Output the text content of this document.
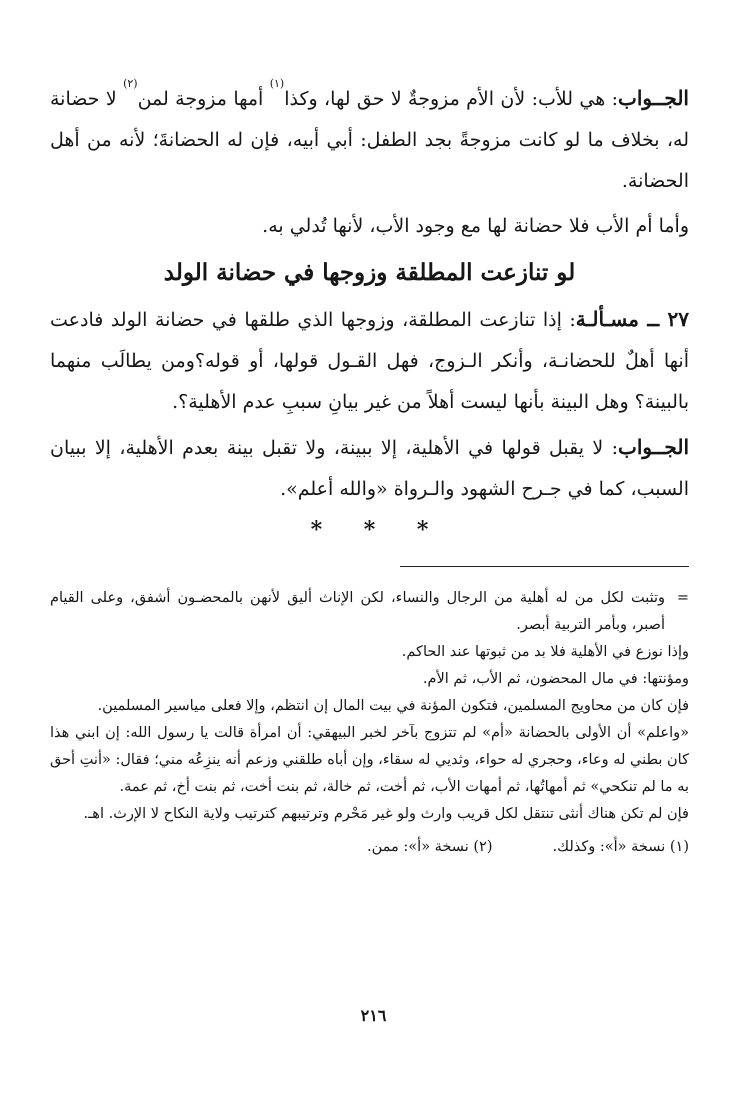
الجــواب: هي للأب: لأن الأم مزوجةٌ لا حق لها، وكذا$^{(١)}$ أمها مزوجة لمن$^{(٢)}$ لا حضانة له، بخلاف ما لو كانت مزوجةً بجد الطفل: أبي أبيه، فإن له الحضانةَ؛ لأنه من أهل الحضانة.

وأما أم الأب فلا حضانة لها مع وجود الأب، لأنها تُدلي به.

لو تنازعت المطلقة وزوجها في حضانة الولد

٢٧ ــ مسـألـة: إذا تنازعت المطلقة، وزوجها الذي طلقها في حضانة الولد فادعت أنها أهلٌ للحضانـة، وأنكر الـزوج، فهل القـول قولها، أو قوله؟ومن يطالَب منهما بالبينة؟ وهل البينة بأنها ليست أهلاً من غير بيانِ سببِ عدم الأهلية؟.

الجــواب: لا يقبل قولها في الأهلية، إلا ببينة، ولا تقبل بينة بعدم الأهلية، إلا ببيان السبب، كما في جـرح الشهود والـرواة «والله أعلم».

* * *

=
وتثبت لكل من له أهلية من الرجال والنساء، لكن الإناث أليق لأنهن بالمحضـون أشفق، وعلى القيام أصبر، وبأمر التربية أبصر.

وإذا نوزع في الأهلية فلا بد من ثبوتها عند الحاكم.

ومؤنتها: في مال المحضون، ثم الأب، ثم الأم.

فإن كان من محاويج المسلمين، فتكون المؤنة في بيت المال إن انتظم، وإلا فعلى مياسير المسلمين.

«واعلم» أن الأولى بالحضانة «أم» لم تتزوج بآخر لخبر البيهقي: أن امرأة قالت يا رسول الله: إن ابني هذا كان بطني له وعاء، وحجري له حواء، وثديي له سقاء، وإن أباه طلقني وزعم أنه ينزِعُه مني؛ فقال: «أنتِ أحق به ما لم تنكحي» ثم أمهاتُها، ثم أمهات الأب، ثم أخت، ثم خالة، ثم بنت أخت، ثم بنت أخ، ثم عمة.

فإن لم تكن هناك أنثى تنتقل لكل قريب وارث ولو غير مَحْرم وترتيبهم كترتيب ولاية النكاح لا الإرث. اهـ.

(١) نسخة «أ»: وكذلك.
(٢) نسخة «أ»: ممن.
٢١٦
